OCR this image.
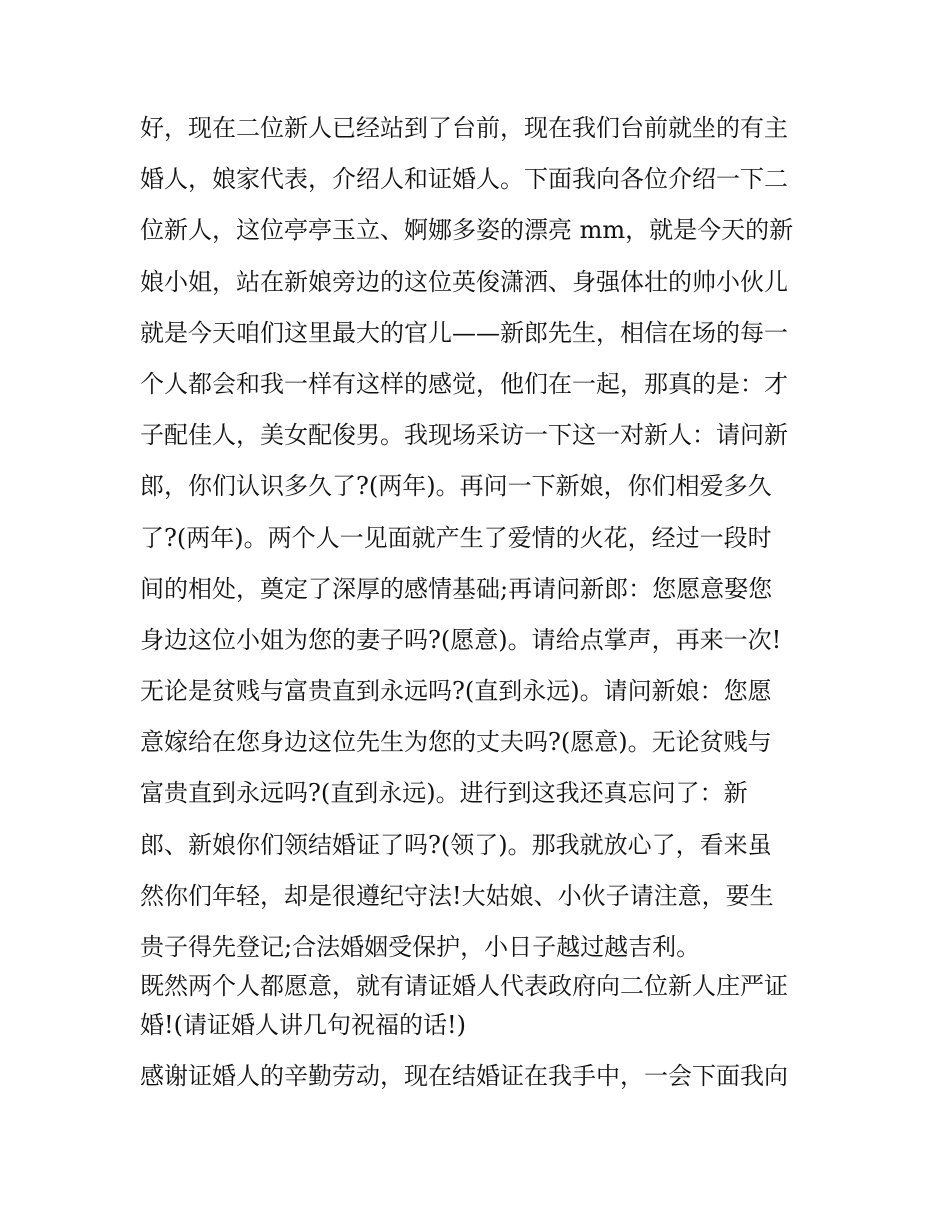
好，现在二位新人已经站到了台前，现在我们台前就坐的有主
婚人，娘家代表，介绍人和证婚人。下面我向各位介绍一下二
位新人，这位亭亭玉立、婀娜多姿的漂亮 mm，就是今天的新
娘小姐，站在新娘旁边的这位英俊潇洒、身强体壮的帅小伙儿
就是今天咱们这里最大的官儿——新郎先生，相信在场的每一
个人都会和我一样有这样的感觉，他们在一起，那真的是：才
子配佳人，美女配俊男。我现场采访一下这一对新人：请问新
郎，你们认识多久了?(两年)。再问一下新娘，你们相爱多久
了?(两年)。两个人一见面就产生了爱情的火花，经过一段时
间的相处，奠定了深厚的感情基础;再请问新郎：您愿意娶您
身边这位小姐为您的妻子吗?(愿意)。请给点掌声，再来一次!
无论是贫贱与富贵直到永远吗?(直到永远)。请问新娘：您愿
意嫁给在您身边这位先生为您的丈夫吗?(愿意)。无论贫贱与
富贵直到永远吗?(直到永远)。进行到这我还真忘问了：新
郎、新娘你们领结婚证了吗?(领了)。那我就放心了，看来虽
然你们年轻，却是很遵纪守法!大姑娘、小伙子请注意，要生
贵子得先登记;合法婚姻受保护，小日子越过越吉利。
既然两个人都愿意，就有请证婚人代表政府向二位新人庄严证
婚!(请证婚人讲几句祝福的话!)
感谢证婚人的辛勤劳动，现在结婚证在我手中，一会下面我向
